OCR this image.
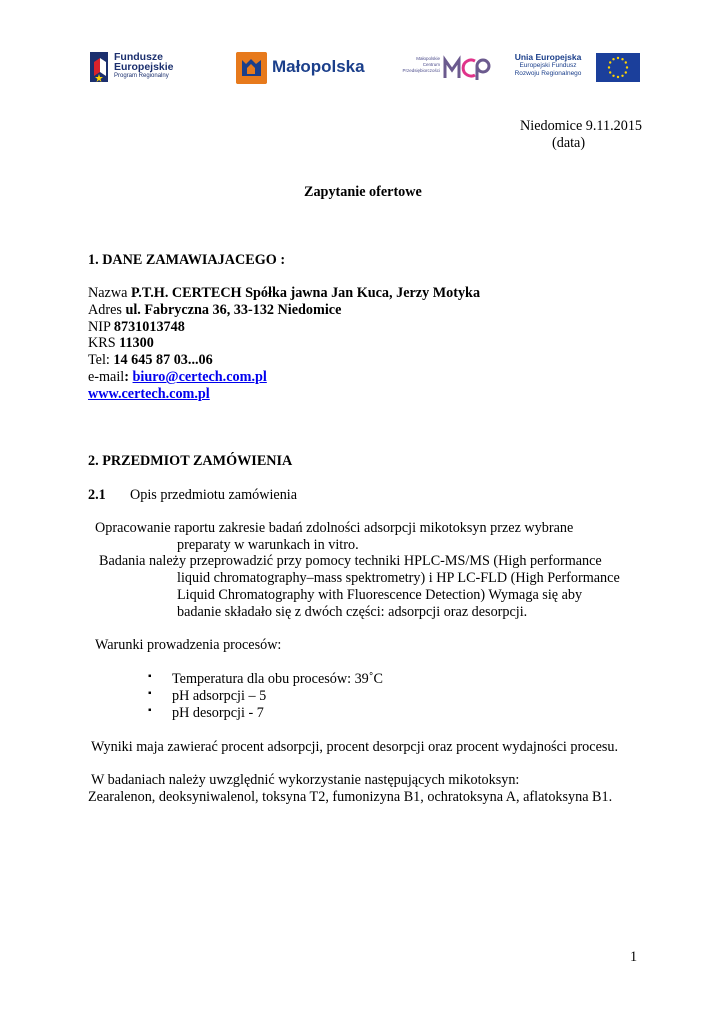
Fundusze
Europejskie
Program Regionalny	Małopolska	Małopolskie Centrum Przedsiębiorczości
Unia Europejska
Europejski Fundusz
Rozwoju Regionalnego
Niedomice 9.11.2015
(data)
Zapytanie ofertowe
1. DANE ZAMAWIAJACEGO :
Nazwa P.T.H. CERTECH Spółka jawna Jan Kuca, Jerzy Motyka
Adres ul. Fabryczna 36, 33-132 Niedomice
NIP 8731013748
KRS 11300
Tel: 14 645 87 03...06
e-mail: biuro@certech.com.pl
www.certech.com.pl
2. PRZEDMIOT ZAMÓWIENIA
2.1 Opis przedmiotu zamówienia
Opracowanie raportu zakresie badań zdolności adsorpcji mikotoksyn przez wybrane
preparaty w warunkach in vitro.
Badania należy przeprowadzić przy pomocy techniki HPLC-MS/MS (High performance
liquid chromatography–mass spektrometry) i HP LC-FLD (High Performance
Liquid Chromatography with Fluorescence Detection) Wymaga się aby
badanie składało się z dwóch części: adsorpcji oraz desorpcji.
Warunki prowadzenia procesów:
▪ Temperatura dla obu procesów: 39˚C
▪ pH adsorpcji – 5
▪ pH desorpcji - 7
Wyniki maja zawierać procent adsorpcji, procent desorpcji oraz procent wydajności procesu.
W badaniach należy uwzględnić wykorzystanie następujących mikotoksyn:
Zearalenon, deoksyniwalenol, toksyna T2, fumonizyna B1, ochratoksyna A, aflatoksyna B1.
1
